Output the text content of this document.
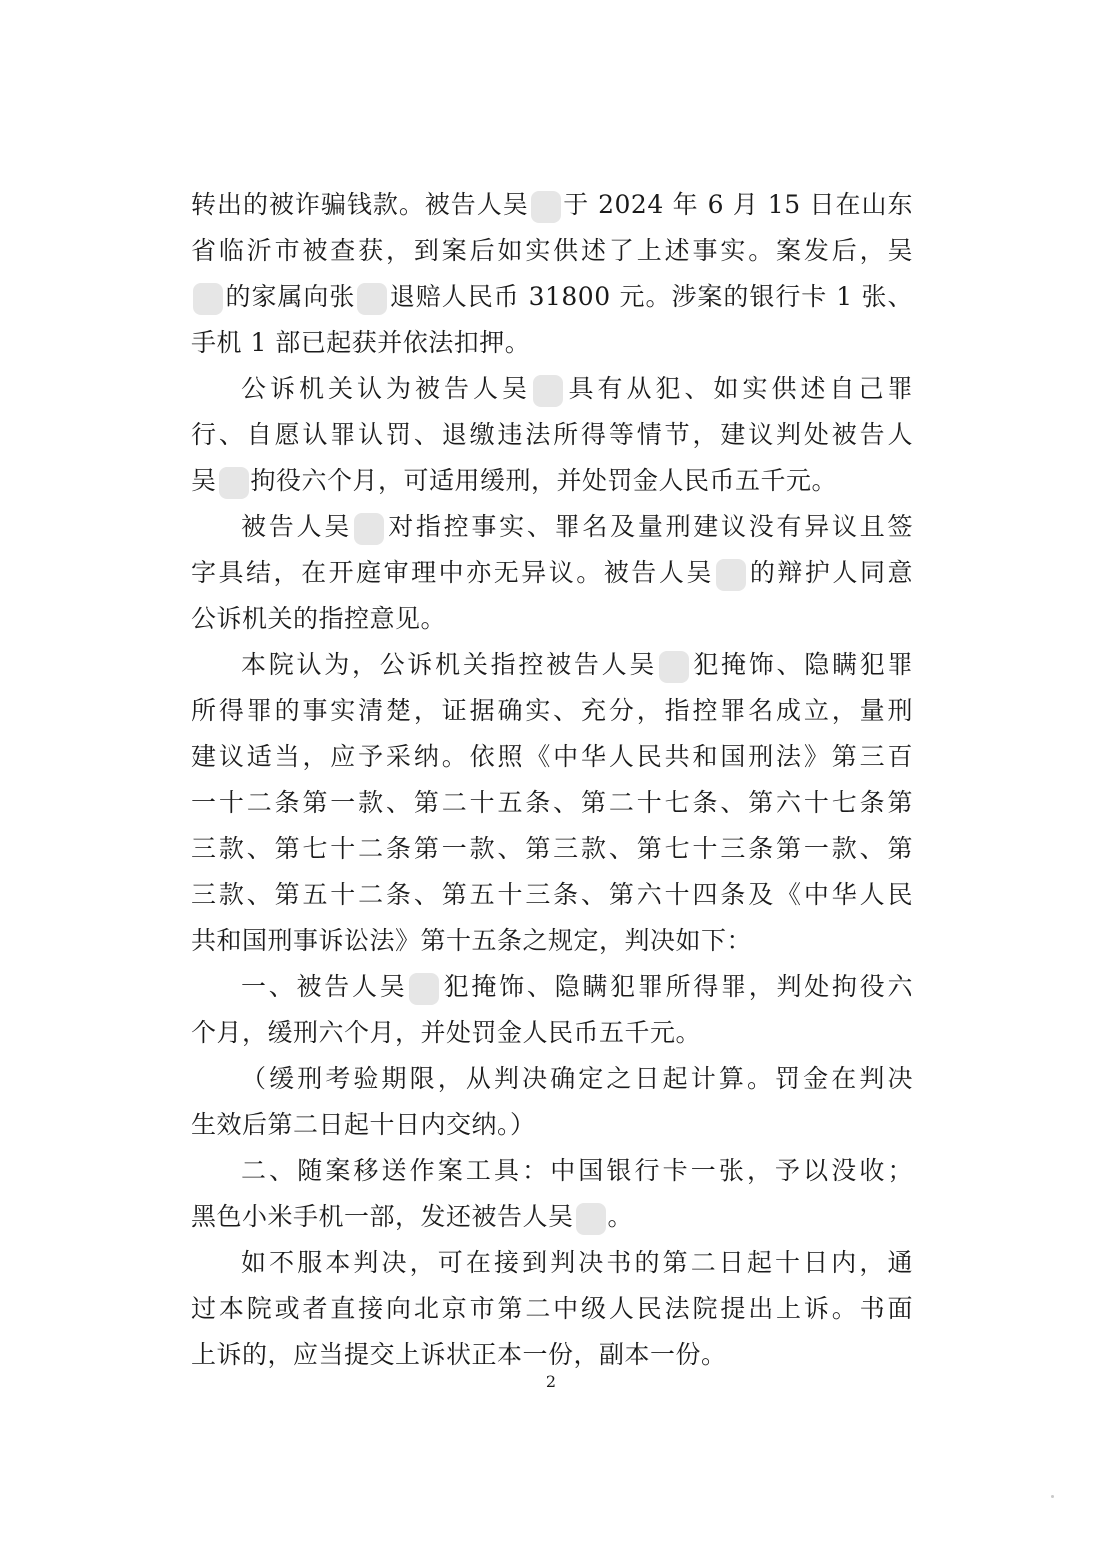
转出的被诈骗钱款。被告人吴 于 2024 年 6 月 15 日在山东
省临沂市被查获，到案后如实供述了上述事实。案发后，吴
的家属向张 退赔人民币 31800 元。涉案的银行卡 1 张、
手机 1 部已起获并依法扣押。
公诉机关认为被告人吴 具有从犯、如实供述自己罪
行、自愿认罪认罚、退缴违法所得等情节，建议判处被告人
吴 拘役六个月，可适用缓刑，并处罚金人民币五千元。
被告人吴 对指控事实、罪名及量刑建议没有异议且签
字具结，在开庭审理中亦无异议。被告人吴 的辩护人同意
公诉机关的指控意见。
本院认为，公诉机关指控被告人吴 犯掩饰、隐瞒犯罪
所得罪的事实清楚，证据确实、充分，指控罪名成立，量刑
建议适当，应予采纳。依照《中华人民共和国刑法》第三百
一十二条第一款、第二十五条、第二十七条、第六十七条第
三款、第七十二条第一款、第三款、第七十三条第一款、第
三款、第五十二条、第五十三条、第六十四条及《中华人民
共和国刑事诉讼法》第十五条之规定，判决如下：
一、被告人吴 犯掩饰、隐瞒犯罪所得罪，判处拘役六
个月，缓刑六个月，并处罚金人民币五千元。
（缓刑考验期限，从判决确定之日起计算。罚金在判决
生效后第二日起十日内交纳。）
二、随案移送作案工具：中国银行卡一张，予以没收；
黑色小米手机一部，发还被告人吴 。
如不服本判决，可在接到判决书的第二日起十日内，通
过本院或者直接向北京市第二中级人民法院提出上诉。书面
上诉的，应当提交上诉状正本一份，副本一份。
2
